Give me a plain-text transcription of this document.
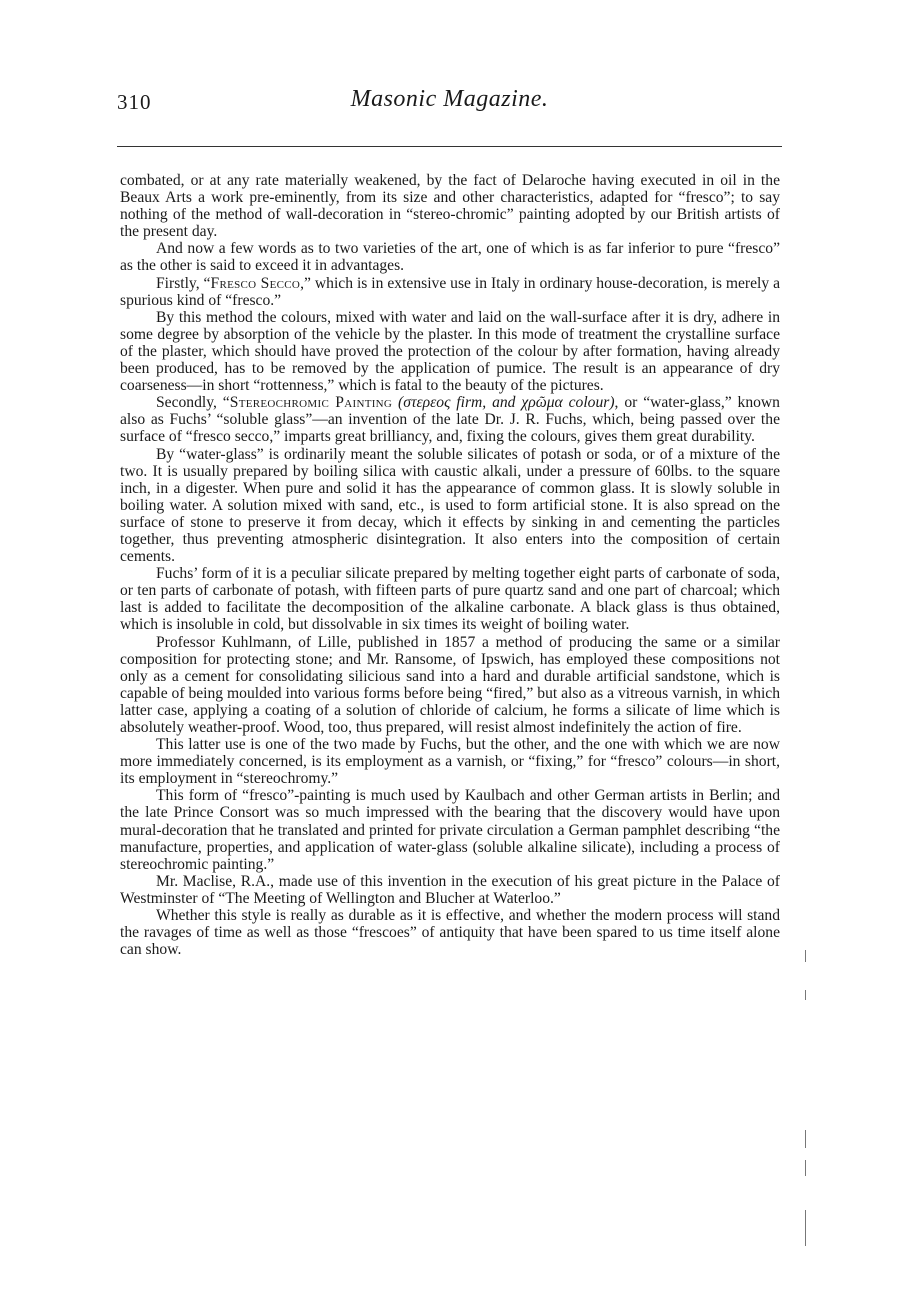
310	Masonic Magazine.

combated, or at any rate materially weakened, by the fact of Delaroche having executed in oil in the Beaux Arts a work pre-eminently, from its size and other characteristics, adapted for “fresco”; to say nothing of the method of wall-decoration in “stereo-chromic” painting adopted by our British artists of the present day.

And now a few words as to two varieties of the art, one of which is as far inferior to pure “fresco” as the other is said to exceed it in advantages.

Firstly, “Fresco Secco,” which is in extensive use in Italy in ordinary house-decoration, is merely a spurious kind of “fresco.”

By this method the colours, mixed with water and laid on the wall-surface after it is dry, adhere in some degree by absorption of the vehicle by the plaster. In this mode of treatment the crystalline surface of the plaster, which should have proved the protection of the colour by after formation, having already been produced, has to be removed by the application of pumice. The result is an appearance of dry coarseness—in short “rottenness,” which is fatal to the beauty of the pictures.

Secondly, “Stereochromic Painting (στερεος firm, and χρῶμα colour), or “water-glass,” known also as Fuchs’ “soluble glass”—an invention of the late Dr. J. R. Fuchs, which, being passed over the surface of “fresco secco,” imparts great brilliancy, and, fixing the colours, gives them great durability.

By “water-glass” is ordinarily meant the soluble silicates of potash or soda, or of a mixture of the two. It is usually prepared by boiling silica with caustic alkali, under a pressure of 60lbs. to the square inch, in a digester. When pure and solid it has the appearance of common glass. It is slowly soluble in boiling water. A solution mixed with sand, etc., is used to form artificial stone. It is also spread on the surface of stone to preserve it from decay, which it effects by sinking in and cementing the particles together, thus preventing atmospheric disintegration. It also enters into the composition of certain cements.

Fuchs’ form of it is a peculiar silicate prepared by melting together eight parts of carbonate of soda, or ten parts of carbonate of potash, with fifteen parts of pure quartz sand and one part of charcoal; which last is added to facilitate the decomposition of the alkaline carbonate. A black glass is thus obtained, which is insoluble in cold, but dissolvable in six times its weight of boiling water.

Professor Kuhlmann, of Lille, published in 1857 a method of producing the same or a similar composition for protecting stone; and Mr. Ransome, of Ipswich, has employed these compositions not only as a cement for consolidating silicious sand into a hard and durable artificial sandstone, which is capable of being moulded into various forms before being “fired,” but also as a vitreous varnish, in which latter case, applying a coating of a solution of chloride of calcium, he forms a silicate of lime which is absolutely weather-proof. Wood, too, thus prepared, will resist almost indefinitely the action of fire.

This latter use is one of the two made by Fuchs, but the other, and the one with which we are now more immediately concerned, is its employment as a varnish, or “fixing,” for “fresco” colours—in short, its employment in “stereochromy.”

This form of “fresco”-painting is much used by Kaulbach and other German artists in Berlin; and the late Prince Consort was so much impressed with the bearing that the discovery would have upon mural-decoration that he translated and printed for private circulation a German pamphlet describing “the manufacture, properties, and application of water-glass (soluble alkaline silicate), including a process of stereochromic painting.”

Mr. Maclise, R.A., made use of this invention in the execution of his great picture in the Palace of Westminster of “The Meeting of Wellington and Blucher at Waterloo.”

Whether this style is really as durable as it is effective, and whether the modern process will stand the ravages of time as well as those “frescoes” of antiquity that have been spared to us time itself alone can show.
